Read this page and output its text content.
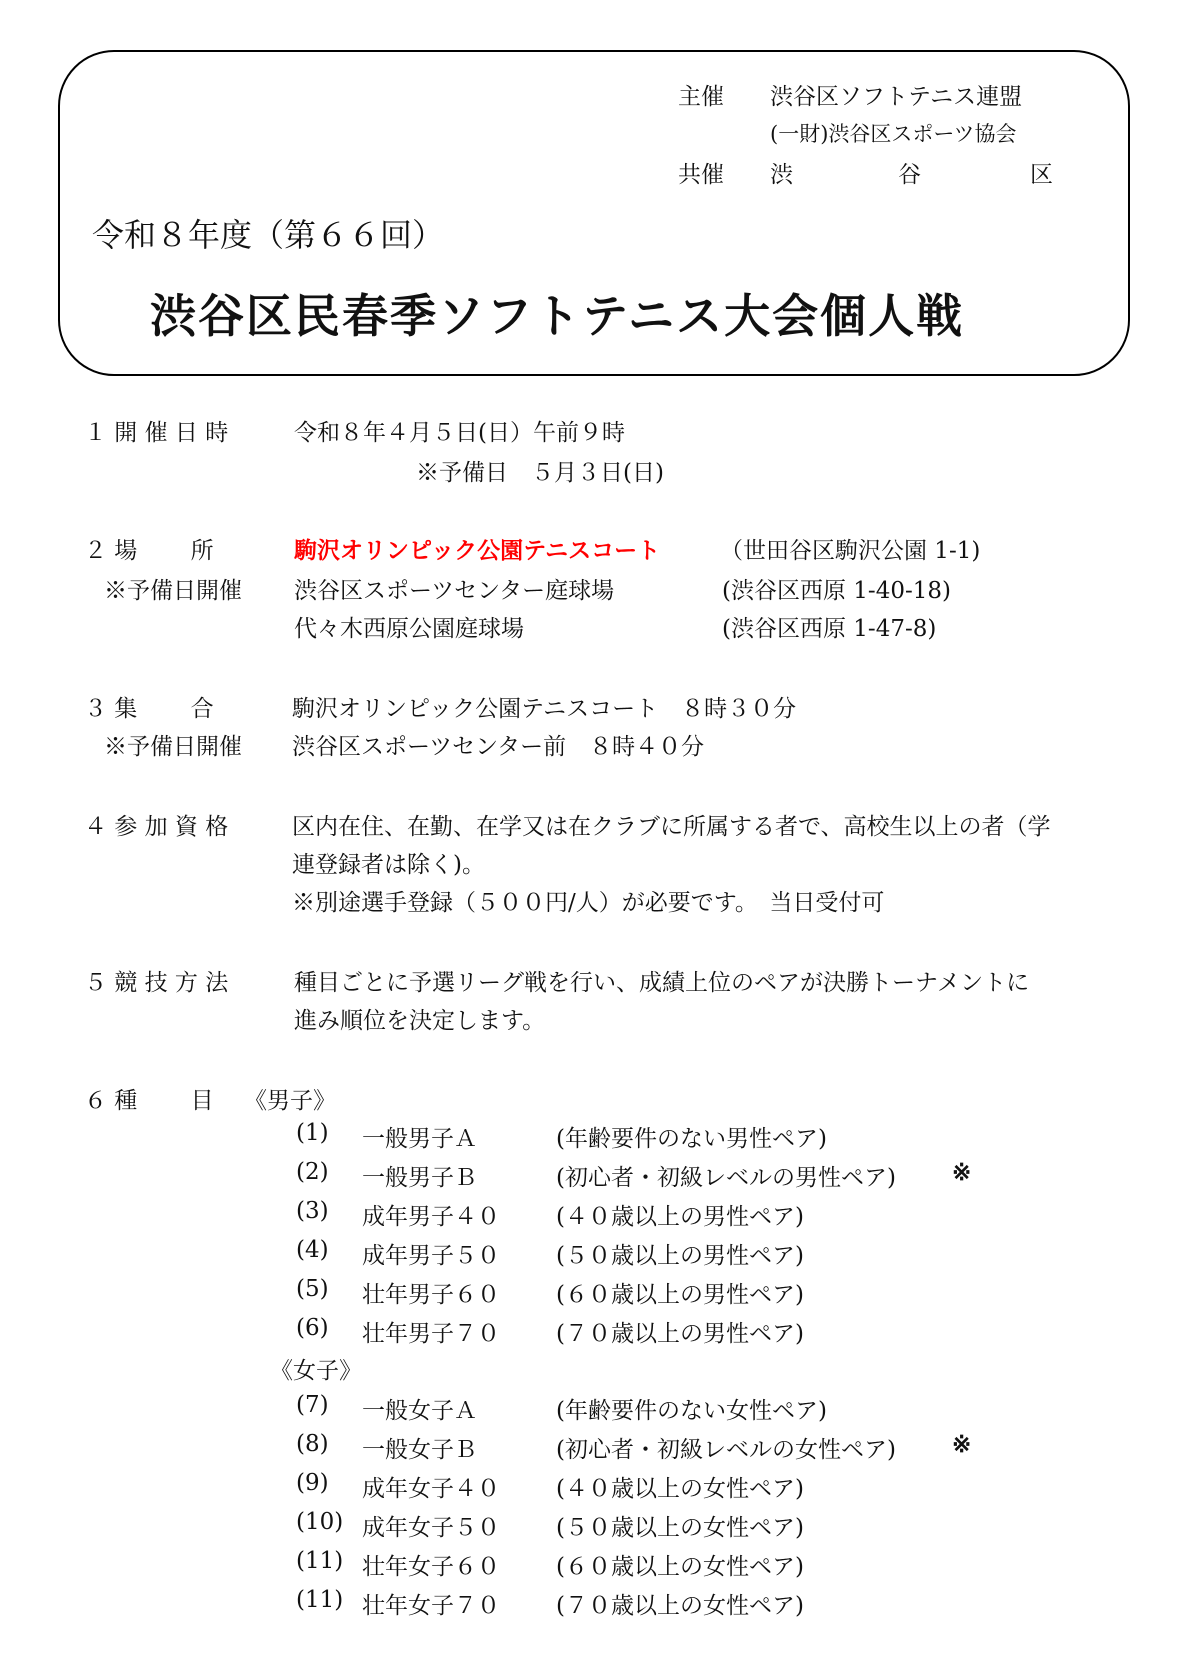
主催 渋谷区ソフトテニス連盟
(一財)渋谷区スポーツ協会
共催 渋	谷	区
令和８年度（第６６回）
渋谷区民春季ソフトテニス大会個人戦
１ 開 催 日 時	令和８年４月５日(日）午前９時
※予備日　５月３日(日)
２ 場　　 所	駒沢オリンピック公園テニスコート	（世田谷区駒沢公園 1-1)
※予備日開催 渋谷区スポーツセンター庭球場	(渋谷区西原 1-40-18)
代々木西原公園庭球場	(渋谷区西原 1-47-8)
３ 集　　 合	駒沢オリンピック公園テニスコート　８時３０分
※予備日開催 渋谷区スポーツセンター前　８時４０分
４ 参 加 資 格	区内在住、在勤、在学又は在クラブに所属する者で、高校生以上の者（学
連登録者は除く)。
※別途選手登録（５００円/人）が必要です。　当日受付可
５ 競 技 方 法	種目ごとに予選リーグ戦を行い、成績上位のペアが決勝トーナメントに
進み順位を決定します。
６ 種　　 目 《男子》
《女子》
(1) 一般男子Ａ	(年齢要件のない男性ペア)
(2) 一般男子Ｂ	(初心者・初級レベルの男性ペア) ※
(3) 成年男子４０ (４０歳以上の男性ペア)
(4) 成年男子５０ (５０歳以上の男性ペア)
(5) 壮年男子６０ (６０歳以上の男性ペア)
(6) 壮年男子７０ (７０歳以上の男性ペア)
(7) 一般女子Ａ	(年齢要件のない女性ペア)
(8) 一般女子Ｂ	(初心者・初級レベルの女性ペア) ※
(9) 成年女子４０ (４０歳以上の女性ペア)
(10) 成年女子５０ (５０歳以上の女性ペア)
(11) 壮年女子６０ (６０歳以上の女性ペア)
(11) 壮年女子７０ (７０歳以上の女性ペア)
